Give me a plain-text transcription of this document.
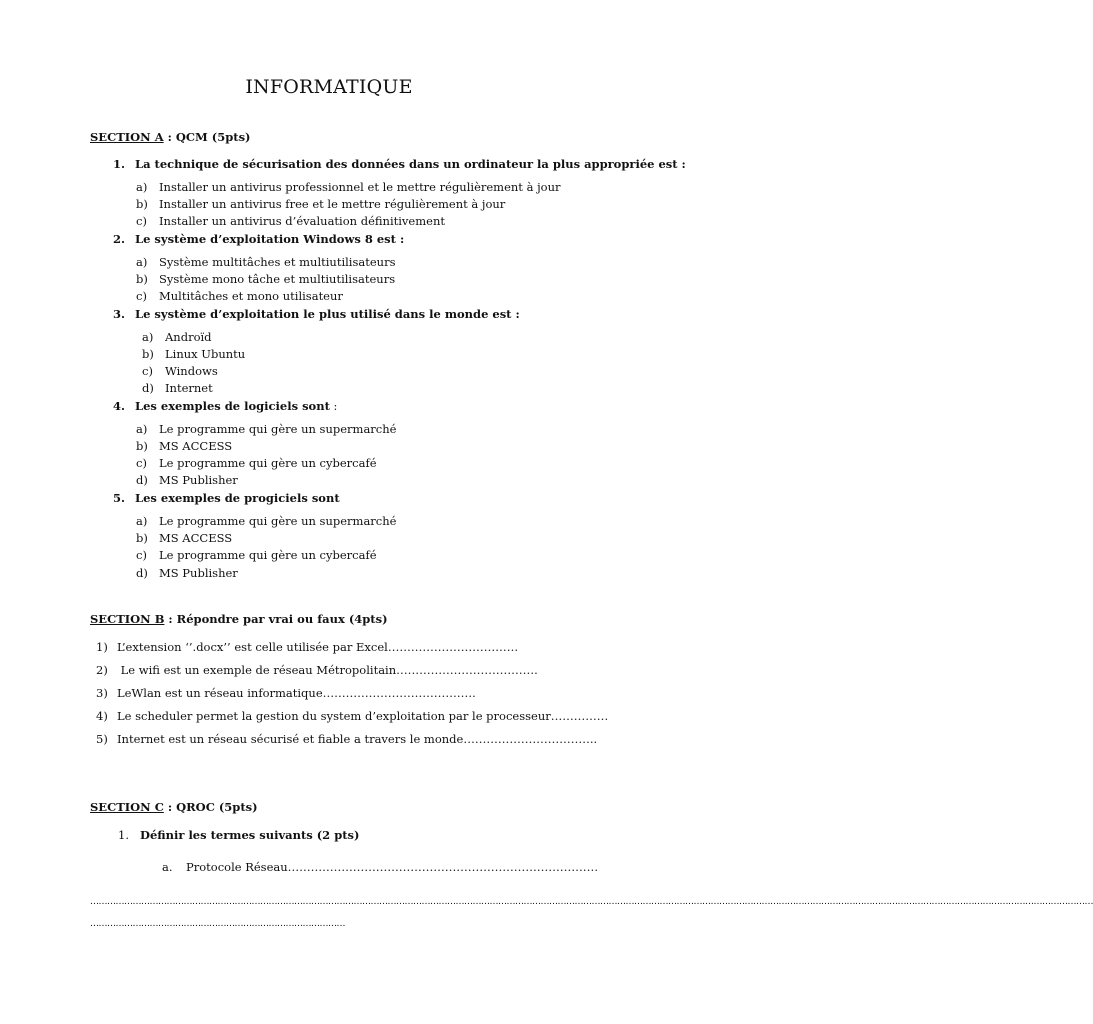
INFORMATIQUE
SECTION A : QCM (5pts)
1. La technique de sécurisation des données dans un ordinateur la plus appropriée est :
a) Installer un antivirus professionnel et le mettre régulièrement à jour
b) Installer un antivirus free et le mettre régulièrement à jour
c) Installer un antivirus d’évaluation définitivement
2. Le système d’exploitation Windows 8 est :
a) Système multitâches et multiutilisateurs
b) Système mono tâche et multiutilisateurs
c) Multitâches et mono utilisateur
3. Le système d’exploitation le plus utilisé dans le monde est :
a) Androïd
b) Linux Ubuntu
c) Windows
d) Internet
4. Les exemples de logiciels sont :
a) Le programme qui gère un supermarché
b) MS ACCESS
c) Le programme qui gère un cybercafé
d) MS Publisher
5. Les exemples de progiciels sont
a) Le programme qui gère un supermarché
b) MS ACCESS
c) Le programme qui gère un cybercafé
d) MS Publisher
SECTION B : Répondre par vrai ou faux (4pts)
1) L’extension ‘’.docx’’ est celle utilisée par Excel…………………………….
2) Le wifi est un exemple de réseau Métropolitain……………………………….
3) LeWlan est un réseau informatique………………………………….
4) Le scheduler permet la gestion du system d’exploitation par le processeur……………
5) Internet est un réseau sécurisé et fiable a travers le monde……………………………..
SECTION C : QROC (5pts)
1. Définir les termes suivants (2 pts)
a. Protocole Réseau………………………………………………………………………
…………………………………………………………………………………………………………………………………………………………………………………………………………………………………………………………………………………………………………………………
………………………………………………………………………………
